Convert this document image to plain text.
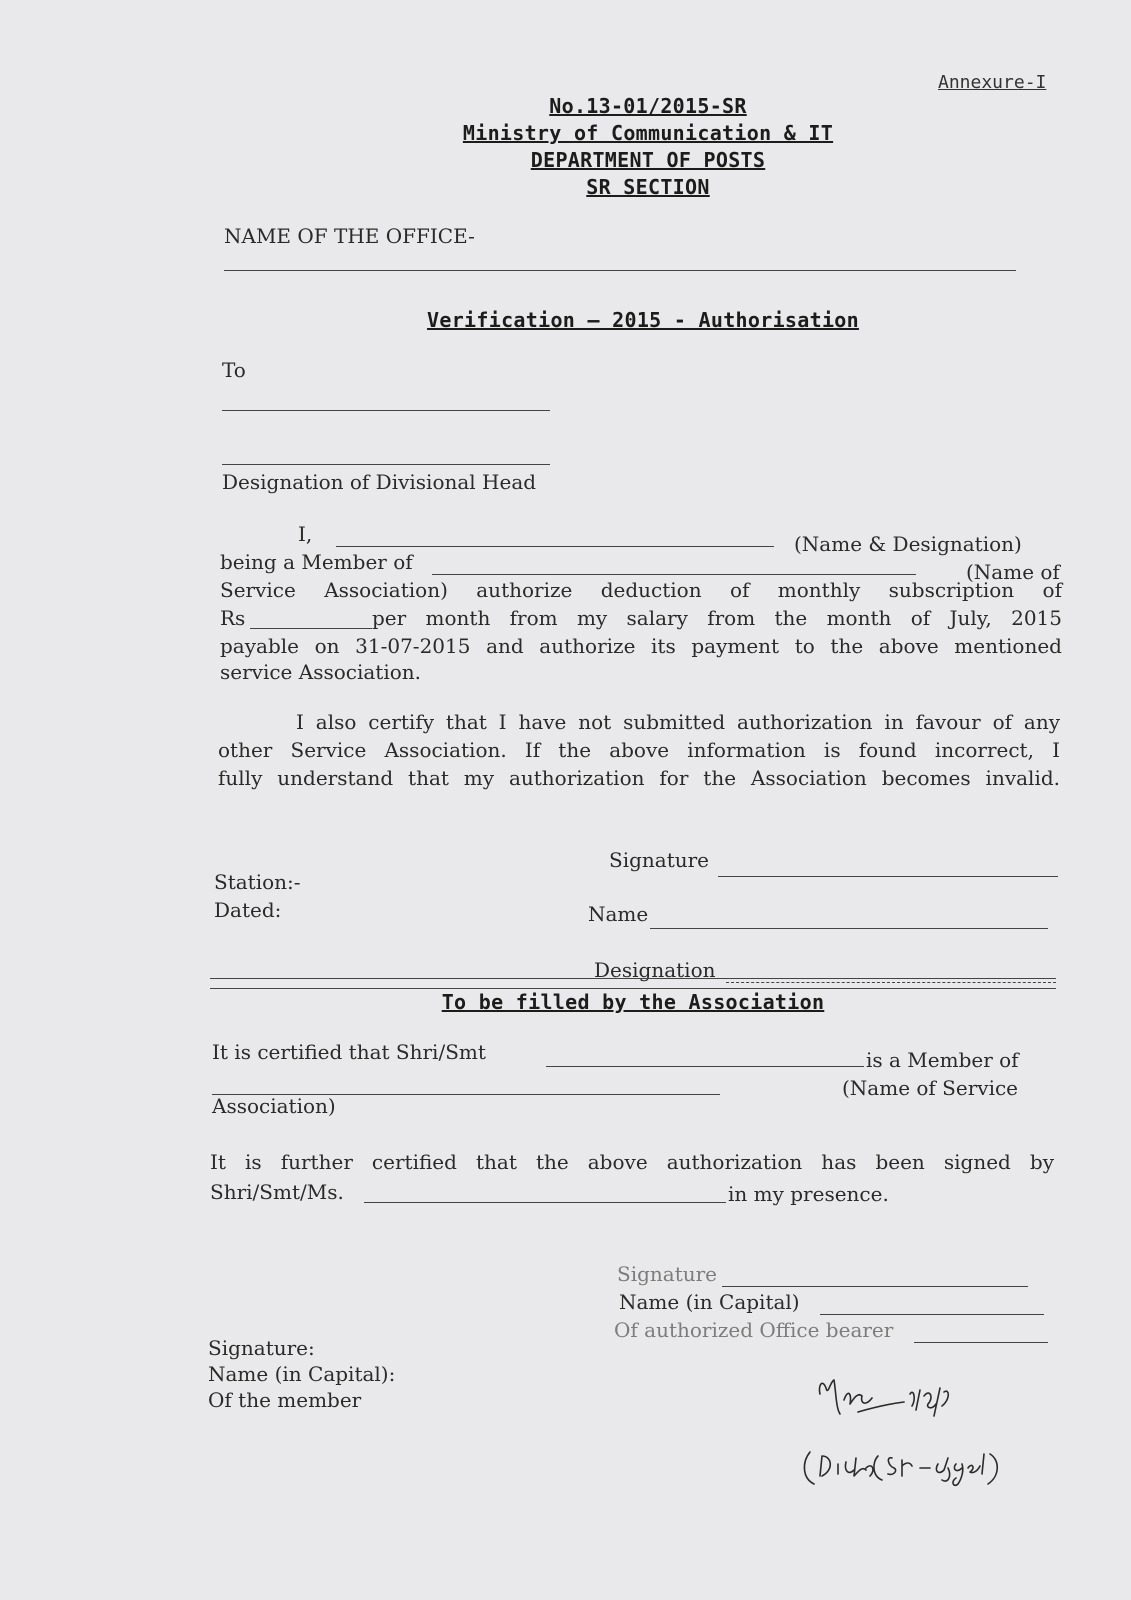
Annexure-I
No.13-01/2015-SR
Ministry of Communication & IT
DEPARTMENT OF POSTS
SR SECTION
NAME OF THE OFFICE-
Verification – 2015 - Authorisation
To
Designation of Divisional Head
I,	(Name & Designation)
being a Member of	(Name of
Service Association) authorize deduction of monthly subscription of
Rs	per month from my salary from the month of July, 2015
payable on 31-07-2015 and authorize its payment to the above mentioned
service Association.
I also certify that I have not submitted authorization in favour of any
other Service Association. If the above information is found incorrect, I
fully understand that my authorization for the Association becomes invalid.
Signature
Station:-
Dated:	Name
Designation
To be filled by the Association
It is certified that Shri/Smt	is a Member of
(Name of Service
Association)
It is further certified that the above authorization has been signed by
Shri/Smt/Ms.	in my presence.
Signature
Name (in Capital)
Of authorized Office bearer
Signature:
Name (in Capital):
Of the member
